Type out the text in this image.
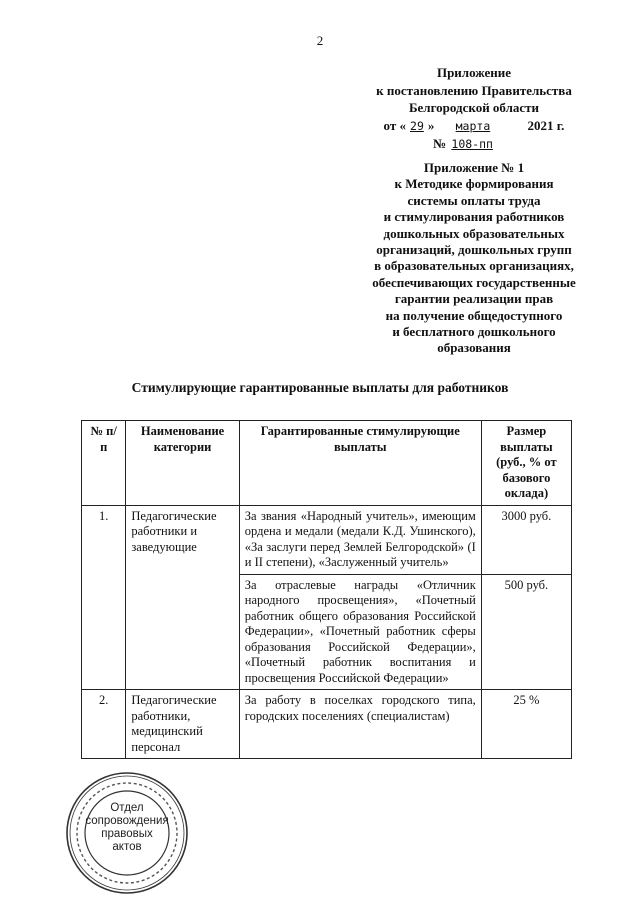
2
Приложение
к постановлению Правительства
Белгородской области
от « 29 » марта	2021 г.
№ 108-пп
Приложение № 1
к Методике формирования
системы оплаты труда
и стимулирования работников
дошкольных образовательных
организаций, дошкольных групп
в образовательных организациях,
обеспечивающих государственные
гарантии реализации прав
на получение общедоступного
и бесплатного дошкольного
образования
Стимулирующие гарантированные выплаты для работников
№ п/п	Наименование категории	Гарантированные стимулирующие выплаты	Размер выплаты (руб., % от базового оклада)
1.	Педагогические работники и заведующие	За звания «Народный учитель», имеющим ордена и медали (медали К.Д. Ушинского), «За заслуги перед Землей Белгородской» (I и II степени), «Заслуженный учитель»	3000 руб.
		За отраслевые награды «Отличник народного просвещения», «Почетный работник общего образования Российской Федерации», «Почетный работник сферы образования Российской Федерации», «Почетный работник воспитания и просвещения Российской Федерации»	500 руб.
2.	Педагогические работники, медицинский персонал	За работу в поселках городского типа, городских поселениях (специалистам)	25 %
Отдел
сопровождения
правовых
актов
